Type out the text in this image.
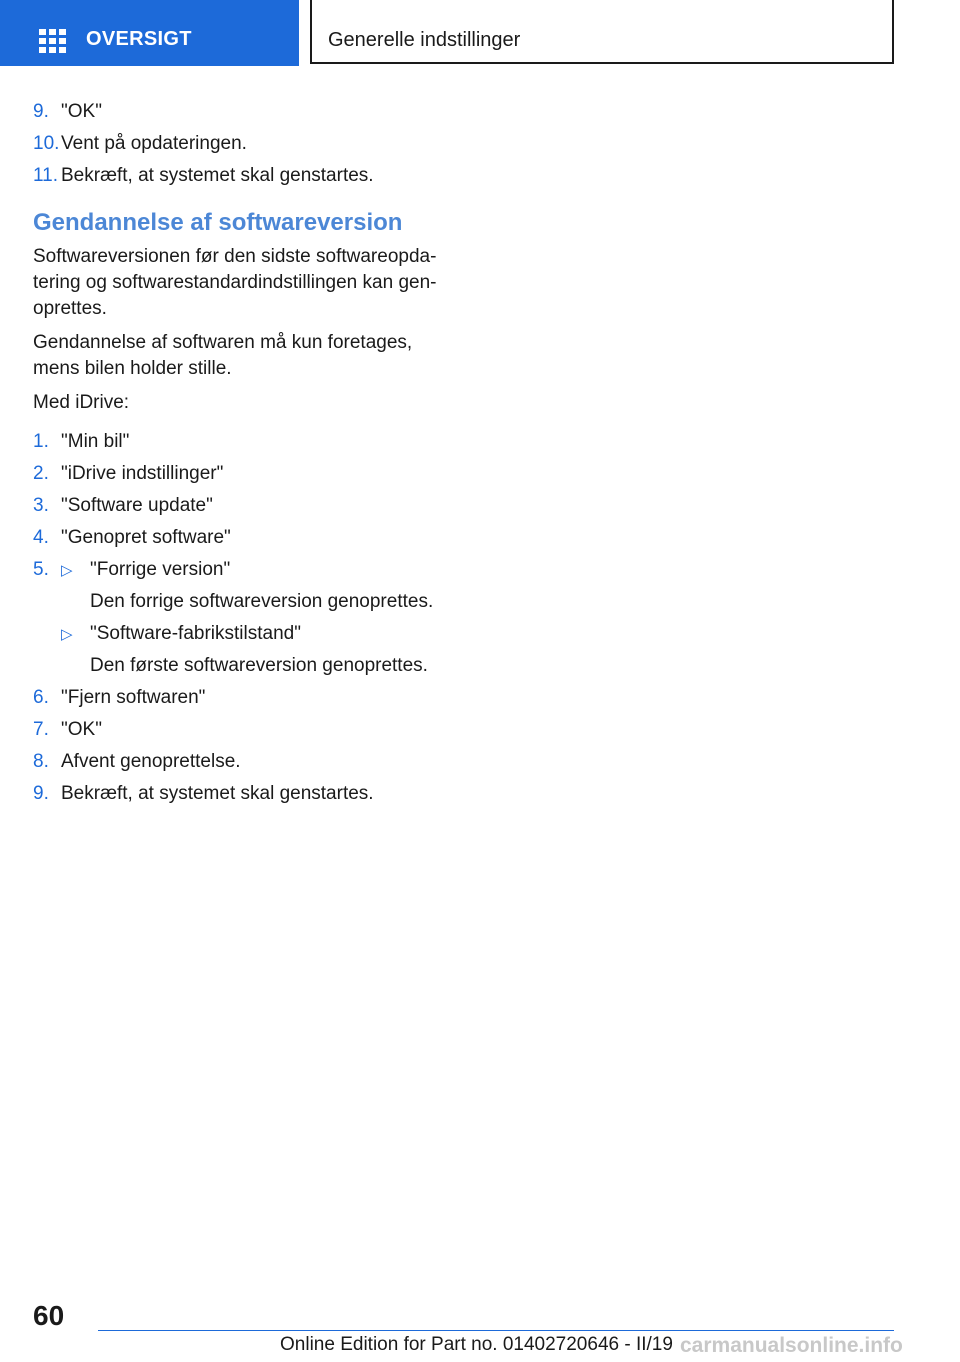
OVERSIGT	Generelle indstillinger
9. "OK"
10. Vent på opdateringen.
11. Bekræft, at systemet skal genstartes.
Gendannelse af softwareversion

Softwareversionen før den sidste softwareopdatering og softwarestandardindstillingen kan genoprettes.

Gendannelse af softwaren må kun foretages, mens bilen holder stille.

Med iDrive:

1. "Min bil"
2. "iDrive indstillinger"
3. "Software update"
4. "Genopret software"
5. ▷ "Forrige version"
Den forrige softwareversion genoprettes.
▷ "Software-fabrikstilstand"
Den første softwareversion genoprettes.
6. "Fjern softwaren"
7. "OK"
8. Afvent genoprettelse.
9. Bekræft, at systemet skal genstartes.
60
Online Edition for Part no. 01402720646 - II/19 carmanualsonline.info
